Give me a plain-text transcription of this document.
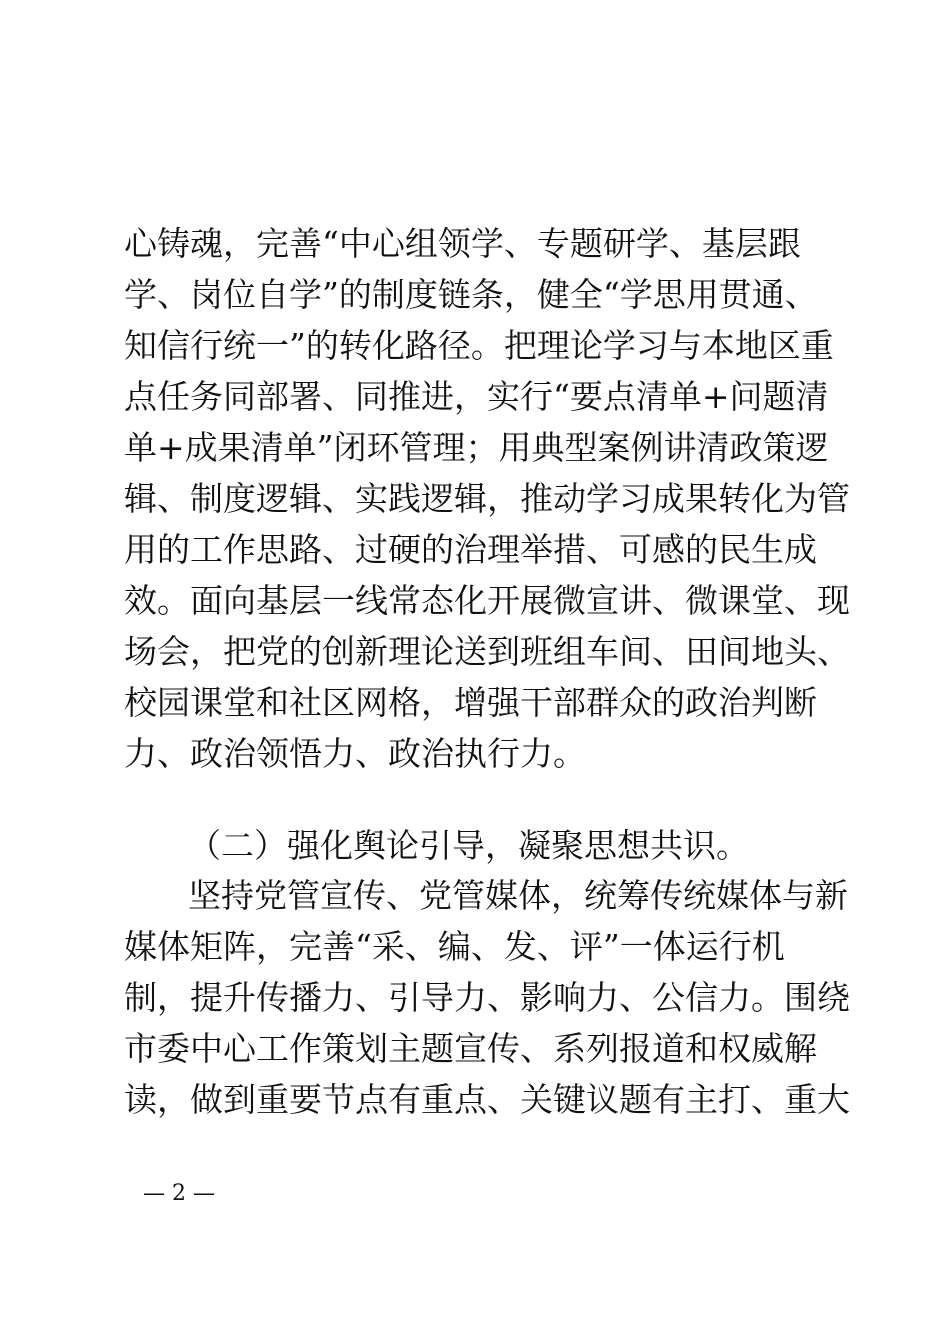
心铸魂，完善“中心组领学、专题研学、基层跟
学、岗位自学”的制度链条，健全“学思用贯通、
知信行统一”的转化路径。把理论学习与本地区重
点任务同部署、同推进，实行“要点清单+问题清
单+成果清单”闭环管理；用典型案例讲清政策逻
辑、制度逻辑、实践逻辑，推动学习成果转化为管
用的工作思路、过硬的治理举措、可感的民生成
效。面向基层一线常态化开展微宣讲、微课堂、现
场会，把党的创新理论送到班组车间、田间地头、
校园课堂和社区网格，增强干部群众的政治判断
力、政治领悟力、政治执行力。
（二）强化舆论引导，凝聚思想共识。
坚持党管宣传、党管媒体，统筹传统媒体与新
媒体矩阵，完善“采、编、发、评”一体运行机
制，提升传播力、引导力、影响力、公信力。围绕
市委中心工作策划主题宣传、系列报道和权威解
读，做到重要节点有重点、关键议题有主打、重大
— 2 —
